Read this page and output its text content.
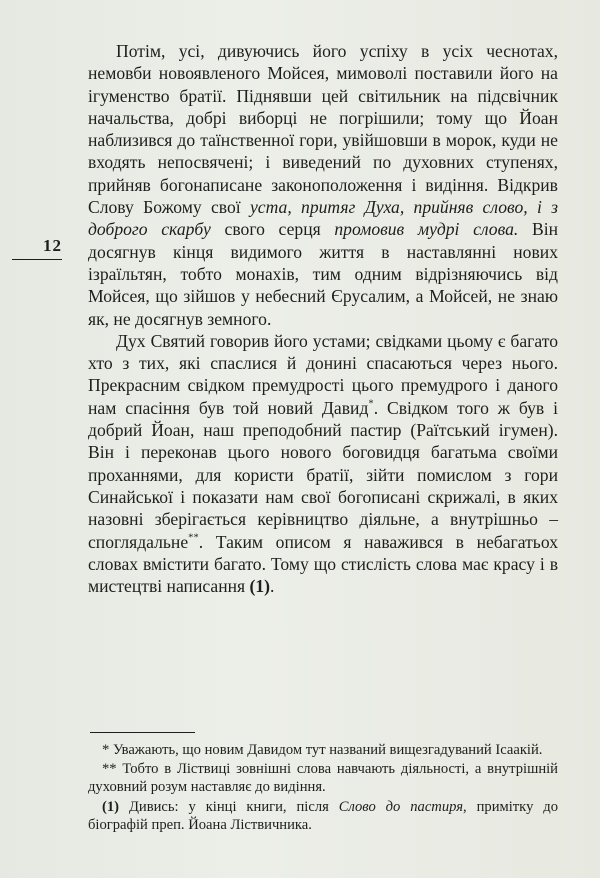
12

Потім, усі, дивуючись його успіху в усіх чеснотах, немовби новоявленого Мойсея, мимоволі поставили його на ігуменство братії. Піднявши цей світильник на підсвічник начальства, добрі виборці не погрішили; тому що Йоан наблизився до таїнственної гори, увійшовши в морок, куди не входять непосвячені; і виведений по духовних ступенях, прийняв богонаписане законоположення і видіння. Відкрив Слову Божому свої уста, притяг Духа, прийняв слово, і з доброго скарбу свого серця промовив мудрі слова. Він досягнув кінця видимого життя в наставлянні нових ізраїльтян, тобто монахів, тим одним відрізняючись від Мойсея, що зійшов у небесний Єрусалим, а Мойсей, не знаю як, не досягнув земного.

Дух Святий говорив його устами; свідками цьому є багато хто з тих, які спаслися й донині спасаються через нього. Прекрасним свідком премудрості цього премудрого і даного нам спасіння був той новий Давид*. Свідком того ж був і добрий Йоан, наш преподобний пастир (Раїтський ігумен). Він і переконав цього нового боговидця багатьма своїми проханнями, для користи братії, зійти помислом з гори Синайської і показати нам свої богописані скрижалі, в яких назовні зберігається керівництво діяльне, а внутрішньо – споглядальне**. Таким описом я наважився в небагатьох словах вмістити багато. Тому що стислість слова має красу і в мистецтві написання (1).

* Уважають, що новим Давидом тут названий вищезгадуваний Ісаакій.

** Тобто в Ліствиці зовнішні слова навчають діяльності, а внутрішній духовний розум наставляє до видіння.

(1) Дивись: у кінці книги, після Слово до пастиря, примітку до біографій преп. Йоана Ліствичника.
